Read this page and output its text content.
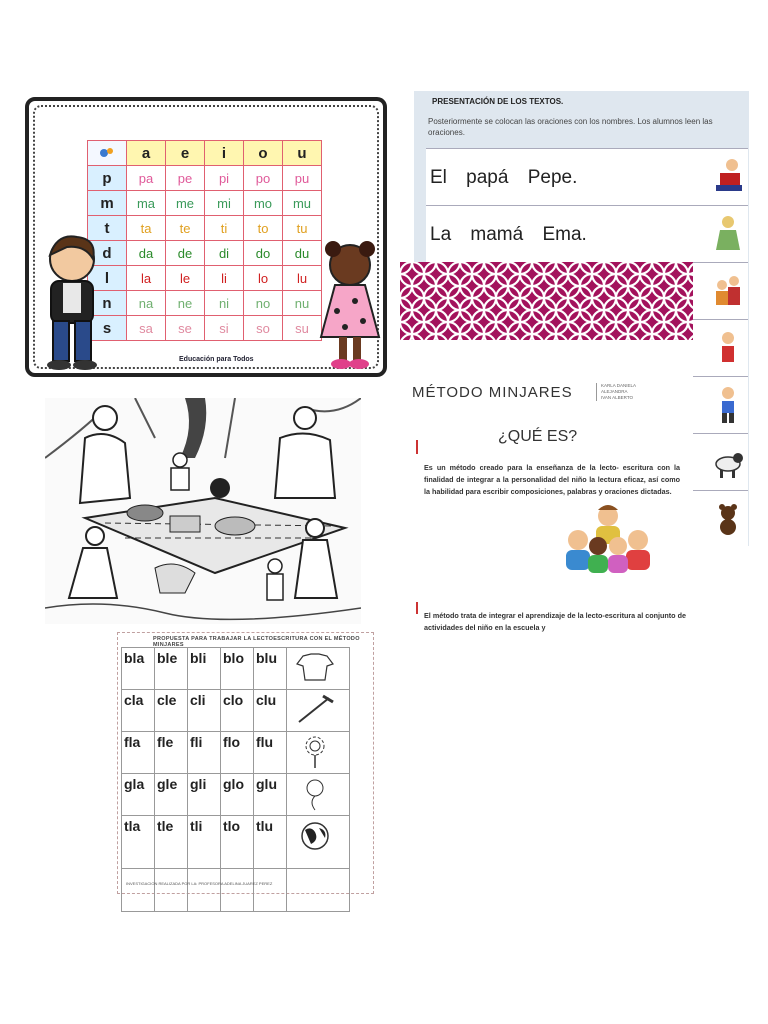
	a	e	i	o	u
p	pa	pe	pi	po	pu
m	ma	me	mi	mo	mu
t	ta	te	ti	to	tu
d	da	de	di	do	du
l	la	le	li	lo	lu
n	na	ne	ni	no	nu
s	sa	se	si	so	su
Educación para Todos
PRESENTACIÓN DE LOS TEXTOS.
Posteriormente se colocan las oraciones con los nombres. Los alumnos leen las oraciones.
El papá Pepe.
La mamá Ema.
MÉTODO MINJARES	KARLA DANIELA
ALEJANDRA
IVAN ALBERTO
¿QUÉ ES?
Es un método creado para la enseñanza de la lecto- escritura con la finalidad de integrar a la personalidad del niño la lectura eficaz, así como la habilidad para escribir composiciones, palabras y oraciones dictadas.
El método trata de integrar el aprendizaje de la lecto-escritura al conjunto de actividades del niño en la escuela y
PROPUESTA PARA TRABAJAR LA LECTOESCRITURA CON EL MÉTODO MINJARES
bla	ble	bli	blo	blu	
cla	cle	cli	clo	clu	
fla	fle	fli	flo	flu	
gla	gle	gli	glo	glu	
tla	tle	tli	tlo	tlu	

INVESTIGACION REALIZADA POR LA: PROFESORA ADELINA JUAREZ PEREZ
